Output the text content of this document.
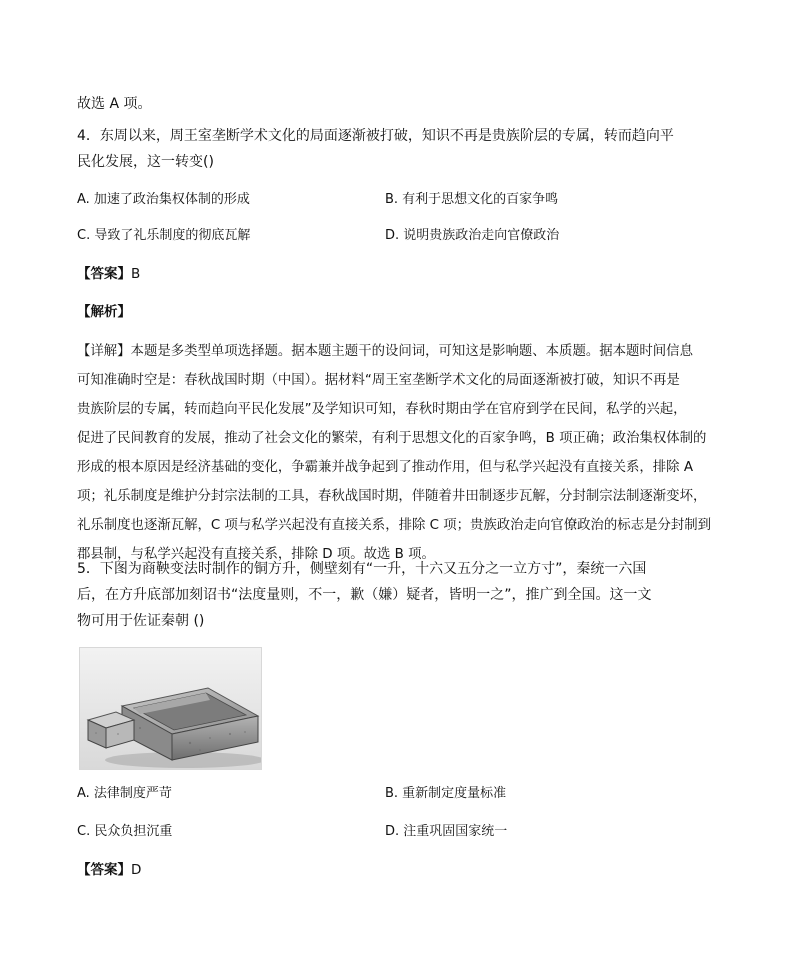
故选 A 项。
4．东周以来，周王室垄断学术文化的局面逐渐被打破，知识不再是贵族阶层的专属，转而趋向平
民化发展，这一转变()
A. 加速了政治集权体制的形成	B. 有利于思想文化的百家争鸣
C. 导致了礼乐制度的彻底瓦解	D. 说明贵族政治走向官僚政治
【答案】B
【解析】
【详解】本题是多类型单项选择题。据本题主题干的设问词，可知这是影响题、本质题。据本题时间信息
可知准确时空是：春秋战国时期（中国）。据材料“周王室垄断学术文化的局面逐渐被打破，知识不再是
贵族阶层的专属，转而趋向平民化发展”及学知识可知，春秋时期由学在官府到学在民间，私学的兴起，
促进了民间教育的发展，推动了社会文化的繁荣，有利于思想文化的百家争鸣，B 项正确；政治集权体制的
形成的根本原因是经济基础的变化，争霸兼并战争起到了推动作用，但与私学兴起没有直接关系，排除 A
项；礼乐制度是维护分封宗法制的工具，春秋战国时期，伴随着井田制逐步瓦解，分封制宗法制逐渐变坏，
礼乐制度也逐渐瓦解，C 项与私学兴起没有直接关系，排除 C 项；贵族政治走向官僚政治的标志是分封制到
郡县制，与私学兴起没有直接关系，排除 D 项。故选 B 项。
5．下图为商鞅变法时制作的铜方升，侧壁刻有“一升，十六又五分之一立方寸”，秦统一六国
后，在方升底部加刻诏书“法度量则，不一，歉（嫌）疑者，皆明一之”，推广到全国。这一文
物可用于佐证秦朝 ()
A. 法律制度严苛	B. 重新制定度量标准
C. 民众负担沉重	D. 注重巩固国家统一
【答案】D
